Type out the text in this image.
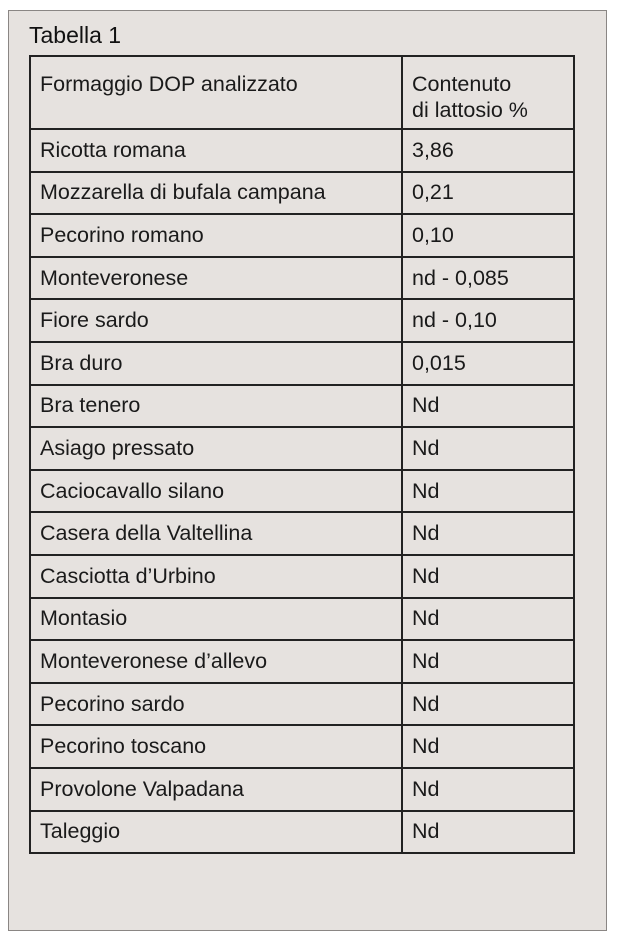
Tabella 1
Formaggio DOP analizzato	Contenuto
di lattosio %

Ricotta romana	3,86
Mozzarella di bufala campana	0,21
Pecorino romano	0,10
Monteveronese	nd - 0,085
Fiore sardo	nd - 0,10
Bra duro	0,015
Bra tenero	Nd
Asiago pressato	Nd
Caciocavallo silano	Nd
Casera della Valtellina	Nd
Casciotta d’Urbino	Nd
Montasio	Nd
Monteveronese d’allevo	Nd
Pecorino sardo	Nd
Pecorino toscano	Nd
Provolone Valpadana	Nd
Taleggio	Nd
